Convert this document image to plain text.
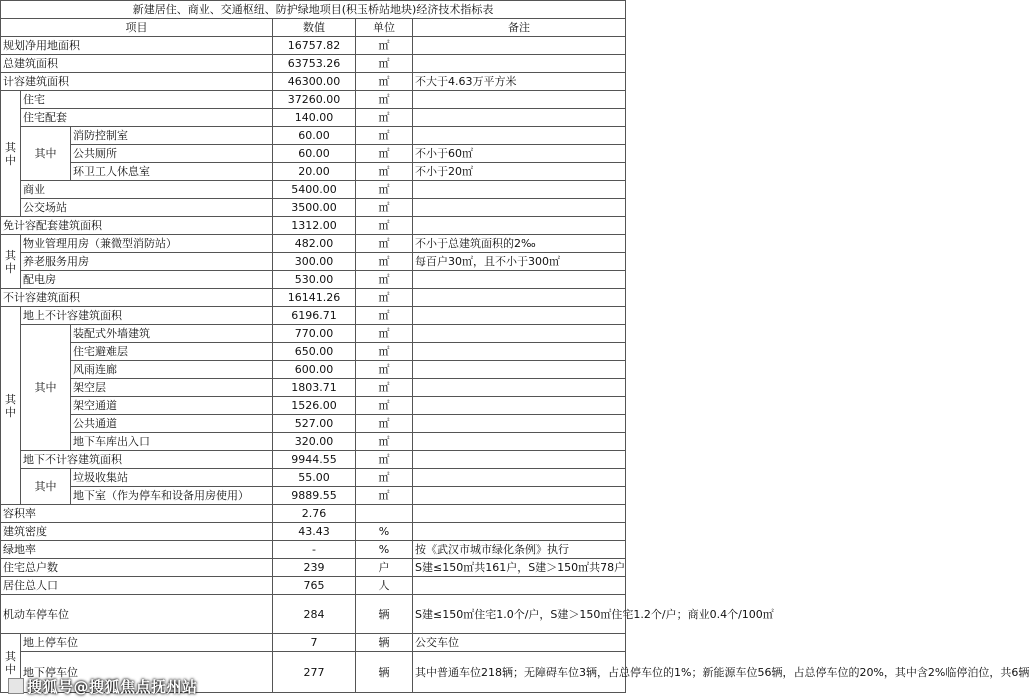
新建居住、商业、交通枢纽、防护绿地项目(积玉桥站地块)经济技术指标表					
项目			数值	单位	备注
规划净用地面积			16757.82	㎡	
总建筑面积			63753.26	㎡	
计容建筑面积			46300.00	㎡	不大于4.63万平方米
其
中	住宅		37260.00	㎡	
	住宅配套		140.00	㎡	
	其中	消防控制室	60.00	㎡	
		公共厕所	60.00	㎡	不小于60㎡
		环卫工人休息室	20.00	㎡	不小于20㎡
	商业		5400.00	㎡	
	公交场站		3500.00	㎡	
免计容配套建筑面积			1312.00	㎡	
其
中	物业管理用房（兼微型消防站）		482.00	㎡	不小于总建筑面积的2‰
	养老服务用房		300.00	㎡	每百户30㎡，且不小于300㎡
	配电房		530.00	㎡	
不计容建筑面积			16141.26	㎡	
其
中	地上不计容建筑面积		6196.71	㎡	
	其中	装配式外墙建筑	770.00	㎡	
		住宅避难层	650.00	㎡	
		风雨连廊	600.00	㎡	
		架空层	1803.71	㎡	
		架空通道	1526.00	㎡	
		公共通道	527.00	㎡	
		地下车库出入口	320.00	㎡	
	地下不计容建筑面积		9944.55	㎡	
	其中	垃圾收集站	55.00	㎡	
		地下室（作为停车和设备用房使用）	9889.55	㎡	
容积率			2.76		
建筑密度			43.43	%	
绿地率			-	%	按《武汉市城市绿化条例》执行
住宅总户数			239	户	S建≤150㎡共161户，S建＞150㎡共78户
居住总人口			765	人	
机动车停车位			284	辆	S建≤150㎡住宅1.0个/户，S建＞150㎡住宅1.2个/户；商业0.4个/100㎡
其
中	地上停车位		7	辆	公交车位
	地下停车位		277	辆	其中普通车位218辆；无障碍车位3辆，占总停车位的1%；新能源车位56辆，占总停车位的20%，其中含2%临停泊位，共6辆
搜狐号@搜狐焦点抚州站
